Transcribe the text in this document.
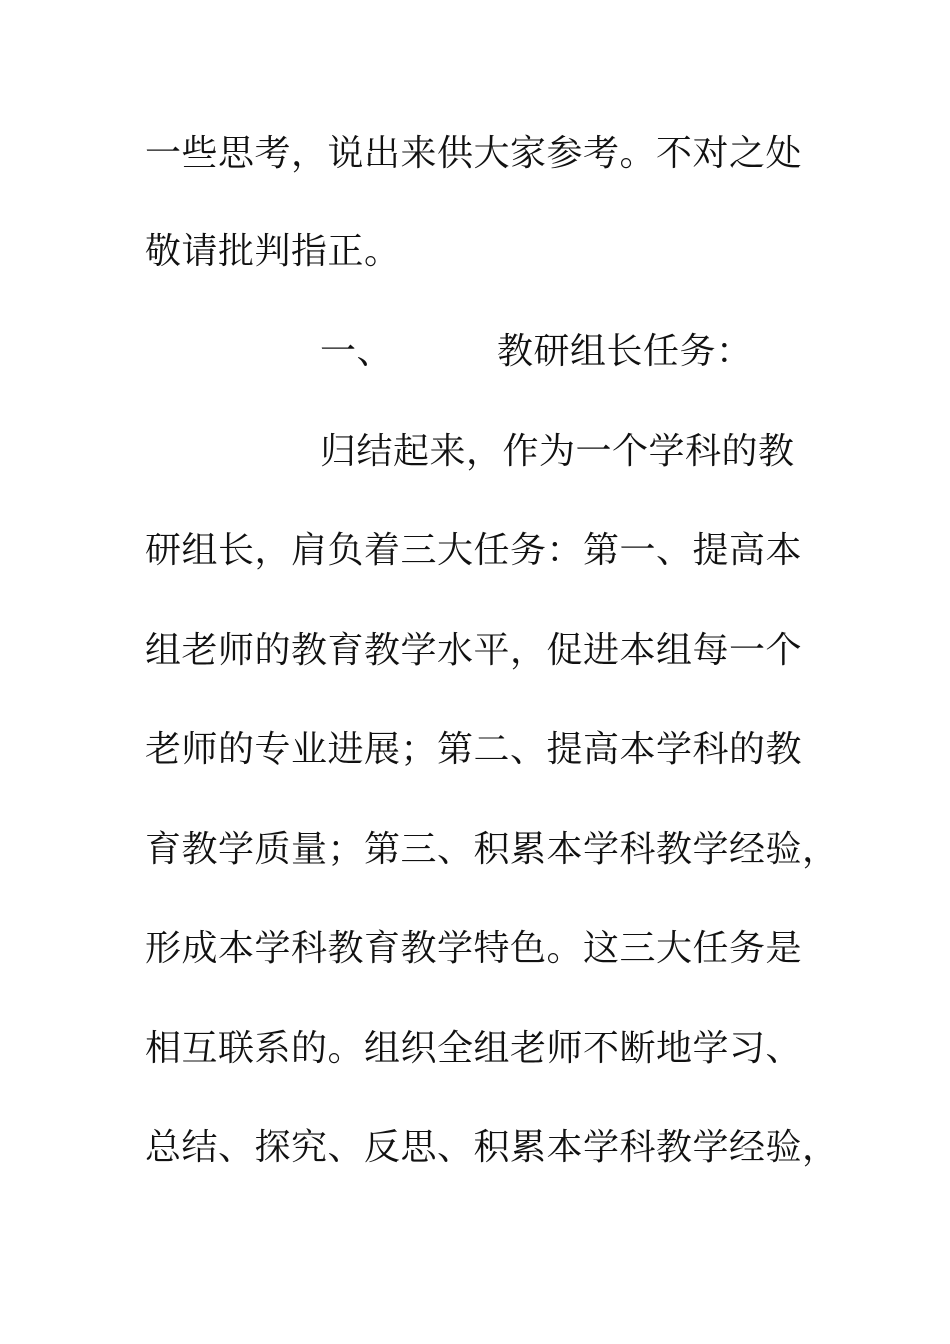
一些思考，说出来供大家参考。不对之处
敬请批判指正。
一、	教研组长任务：
归结起来，作为一个学科的教
研组长，肩负着三大任务：第一、提高本
组老师的教育教学水平，促进本组每一个
老师的专业进展；第二、提高本学科的教
育教学质量；第三、积累本学科教学经验，
形成本学科教育教学特色。这三大任务是
相互联系的。组织全组老师不断地学习、
总结、探究、反思、积累本学科教学经验，
